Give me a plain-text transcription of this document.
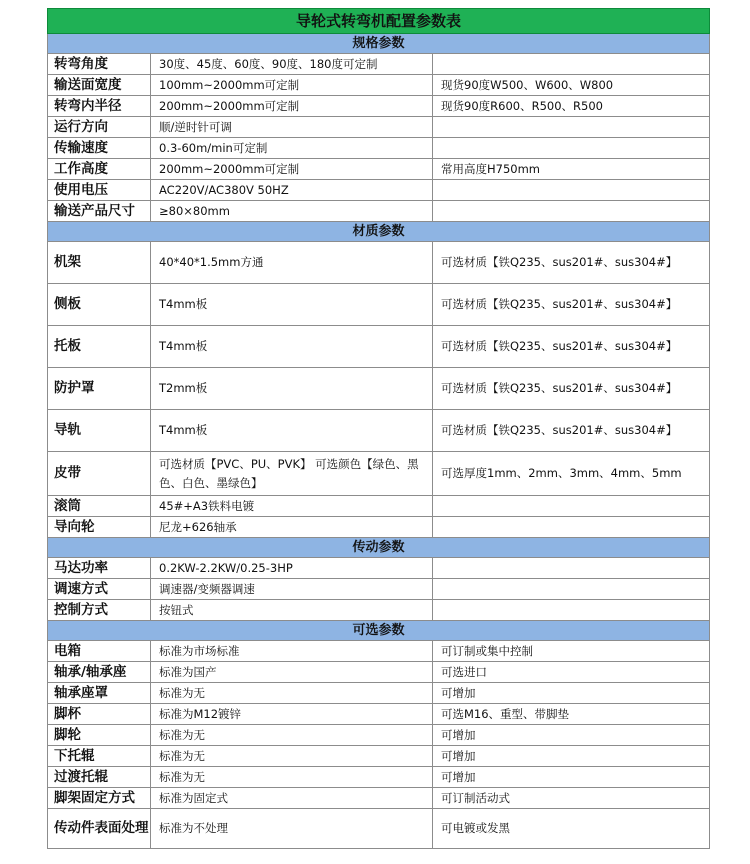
导轮式转弯机配置参数表		
规格参数		
转弯角度	30度、45度、60度、90度、180度可定制	
输送面宽度	100mm~2000mm可定制	现货90度W500、W600、W800
转弯内半径	200mm~2000mm可定制	现货90度R600、R500、R500
运行方向	顺/逆时针可调	
传输速度	0.3-60m/min可定制	
工作高度	200mm~2000mm可定制	常用高度H750mm
使用电压	AC220V/AC380V 50HZ	
输送产品尺寸	≥80×80mm	
材质参数		
机架	40*40*1.5mm方通	可选材质【铁Q235、sus201#、sus304#】
侧板	T4mm板	可选材质【铁Q235、sus201#、sus304#】
托板	T4mm板	可选材质【铁Q235、sus201#、sus304#】
防护罩	T2mm板	可选材质【铁Q235、sus201#、sus304#】
导轨	T4mm板	可选材质【铁Q235、sus201#、sus304#】
皮带	可选材质【PVC、PU、PVK】 可选颜色【绿色、黑色、白色、墨绿色】	可选厚度1mm、2mm、3mm、4mm、5mm
滚筒	45#+A3铁料电镀	
导向轮	尼龙+626轴承	
传动参数		
马达功率	0.2KW-2.2KW/0.25-3HP	
调速方式	调速器/变频器调速	
控制方式	按钮式	
可选参数		
电箱	标准为市场标准	可订制或集中控制
轴承/轴承座	标准为国产	可选进口
轴承座罩	标准为无	可增加
脚杯	标准为M12镀锌	可选M16、重型、带脚垫
脚轮	标准为无	可增加
下托辊	标准为无	可增加
过渡托辊	标准为无	可增加
脚架固定方式	标准为固定式	可订制活动式
传动件表面处理	标准为不处理	可电镀或发黑
